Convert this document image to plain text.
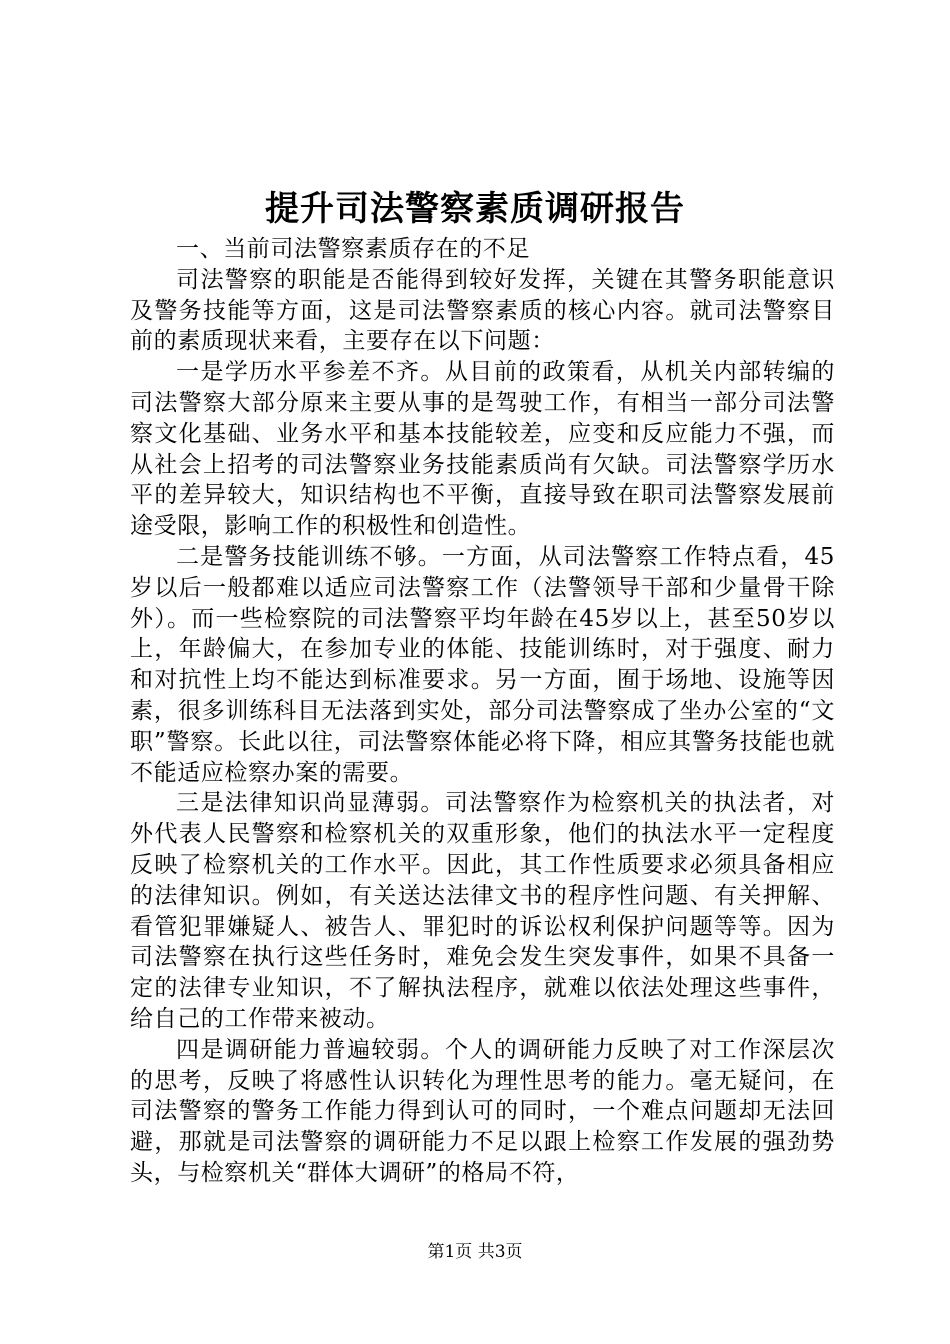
提升司法警察素质调研报告

一、当前司法警察素质存在的不足

司法警察的职能是否能得到较好发挥，关键在其警务职能意识及警务技能等方面，这是司法警察素质的核心内容。就司法警察目前的素质现状来看，主要存在以下问题：

一是学历水平参差不齐。从目前的政策看，从机关内部转编的司法警察大部分原来主要从事的是驾驶工作，有相当一部分司法警察文化基础、业务水平和基本技能较差，应变和反应能力不强，而从社会上招考的司法警察业务技能素质尚有欠缺。司法警察学历水平的差异较大，知识结构也不平衡，直接导致在职司法警察发展前途受限，影响工作的积极性和创造性。

二是警务技能训练不够。一方面，从司法警察工作特点看，45岁以后一般都难以适应司法警察工作（法警领导干部和少量骨干除外）。而一些检察院的司法警察平均年龄在45岁以上，甚至50岁以上，年龄偏大，在参加专业的体能、技能训练时，对于强度、耐力和对抗性上均不能达到标准要求。另一方面，囿于场地、设施等因素，很多训练科目无法落到实处，部分司法警察成了坐办公室的“文职”警察。长此以往，司法警察体能必将下降，相应其警务技能也就不能适应检察办案的需要。

三是法律知识尚显薄弱。司法警察作为检察机关的执法者，对外代表人民警察和检察机关的双重形象，他们的执法水平一定程度反映了检察机关的工作水平。因此，其工作性质要求必须具备相应的法律知识。例如，有关送达法律文书的程序性问题、有关押解、看管犯罪嫌疑人、被告人、罪犯时的诉讼权利保护问题等等。因为司法警察在执行这些任务时，难免会发生突发事件，如果不具备一定的法律专业知识，不了解执法程序，就难以依法处理这些事件，给自己的工作带来被动。

四是调研能力普遍较弱。个人的调研能力反映了对工作深层次的思考，反映了将感性认识转化为理性思考的能力。毫无疑问，在司法警察的警务工作能力得到认可的同时，一个难点问题却无法回避，那就是司法警察的调研能力不足以跟上检察工作发展的强劲势头，与检察机关“群体大调研”的格局不符，

第1页 共3页
